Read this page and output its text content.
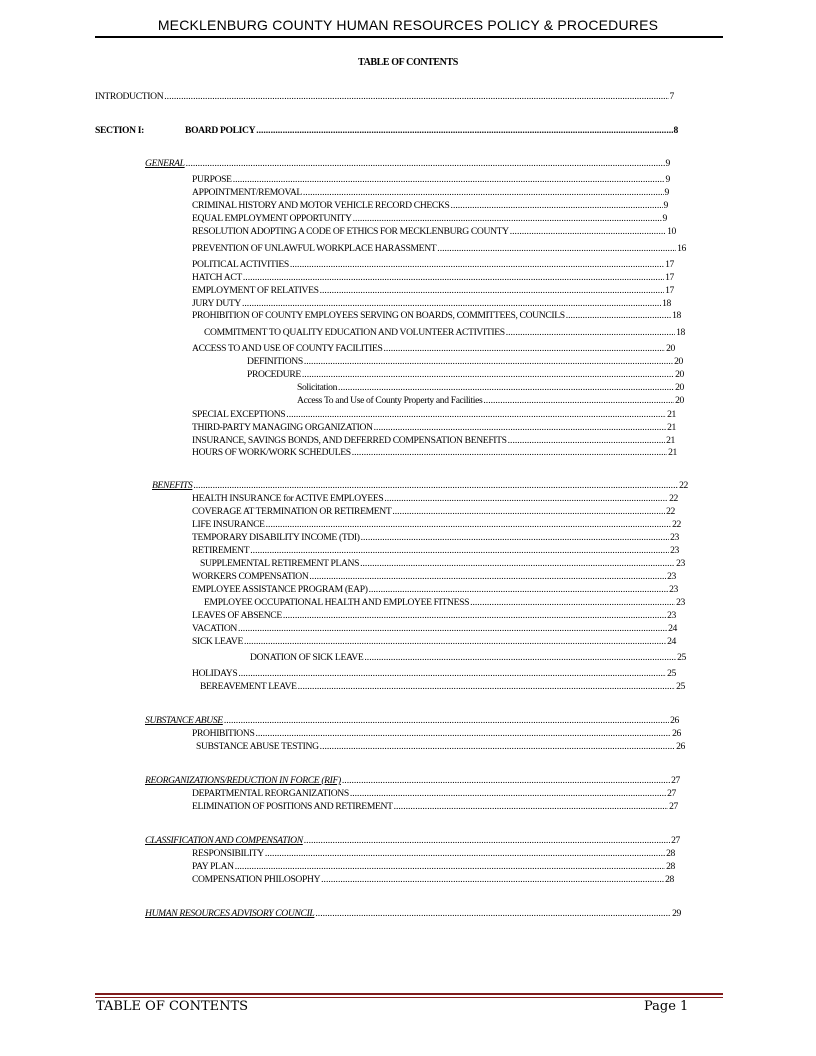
MECKLENBURG COUNTY HUMAN RESOURCES POLICY & PROCEDURES
TABLE OF CONTENTS
INTRODUCTION .....	7
SECTION I:	BOARD POLICY .....	8
GENERAL .....	9
PURPOSE .....	9
APPOINTMENT/REMOVAL .....	9
CRIMINAL HISTORY AND MOTOR VEHICLE RECORD CHECKS .....	9
EQUAL EMPLOYMENT OPPORTUNITY .....	9
RESOLUTION ADOPTING A CODE OF ETHICS FOR MECKLENBURG COUNTY .....	10
PREVENTION OF UNLAWFUL WORKPLACE HARASSMENT .....	16
POLITICAL ACTIVITIES .....	17
HATCH ACT .....	17
EMPLOYMENT OF RELATIVES .....	17
JURY DUTY .....	18
PROHIBITION OF COUNTY EMPLOYEES SERVING ON BOARDS, COMMITTEES, COUNCILS .....	18
COMMITMENT TO QUALITY EDUCATION AND VOLUNTEER ACTIVITIES .....	18
ACCESS TO AND USE OF COUNTY FACILITIES .....	20
DEFINITIONS .....	20
PROCEDURE .....	20
Solicitation .....	20
Access To and Use of County Property and Facilities .....	20
SPECIAL EXCEPTIONS .....	21
THIRD-PARTY MANAGING ORGANIZATION .....	21
INSURANCE, SAVINGS BONDS, AND DEFERRED COMPENSATION BENEFITS .....	21
HOURS OF WORK/WORK SCHEDULES .....	21
BENEFITS .....	22
HEALTH INSURANCE for ACTIVE EMPLOYEES .....	22
COVERAGE AT TERMINATION OR RETIREMENT .....	22
LIFE INSURANCE .....	22
TEMPORARY DISABILITY INCOME (TDI) .....	23
RETIREMENT .....	23
SUPPLEMENTAL RETIREMENT PLANS .....	23
WORKERS COMPENSATION .....	23
EMPLOYEE ASSISTANCE PROGRAM (EAP) .....	23
EMPLOYEE OCCUPATIONAL HEALTH AND EMPLOYEE FITNESS .....	23
LEAVES OF ABSENCE .....	23
VACATION .....	24
SICK LEAVE .....	24
DONATION OF SICK LEAVE .....	25
HOLIDAYS .....	25
BEREAVEMENT LEAVE .....	25
SUBSTANCE ABUSE .....	26
PROHIBITIONS .....	26
SUBSTANCE ABUSE TESTING .....	26
REORGANIZATIONS/REDUCTION IN FORCE (RIF) .....	27
DEPARTMENTAL REORGANIZATIONS .....	27
ELIMINATION OF POSITIONS AND RETIREMENT .....	27
CLASSIFICATION AND COMPENSATION .....	27
RESPONSIBILITY .....	28
PAY PLAN .....	28
COMPENSATION PHILOSOPHY .....	28
HUMAN RESOURCES ADVISORY COUNCIL .....	29
TABLE OF CONTENTS	Page 1
